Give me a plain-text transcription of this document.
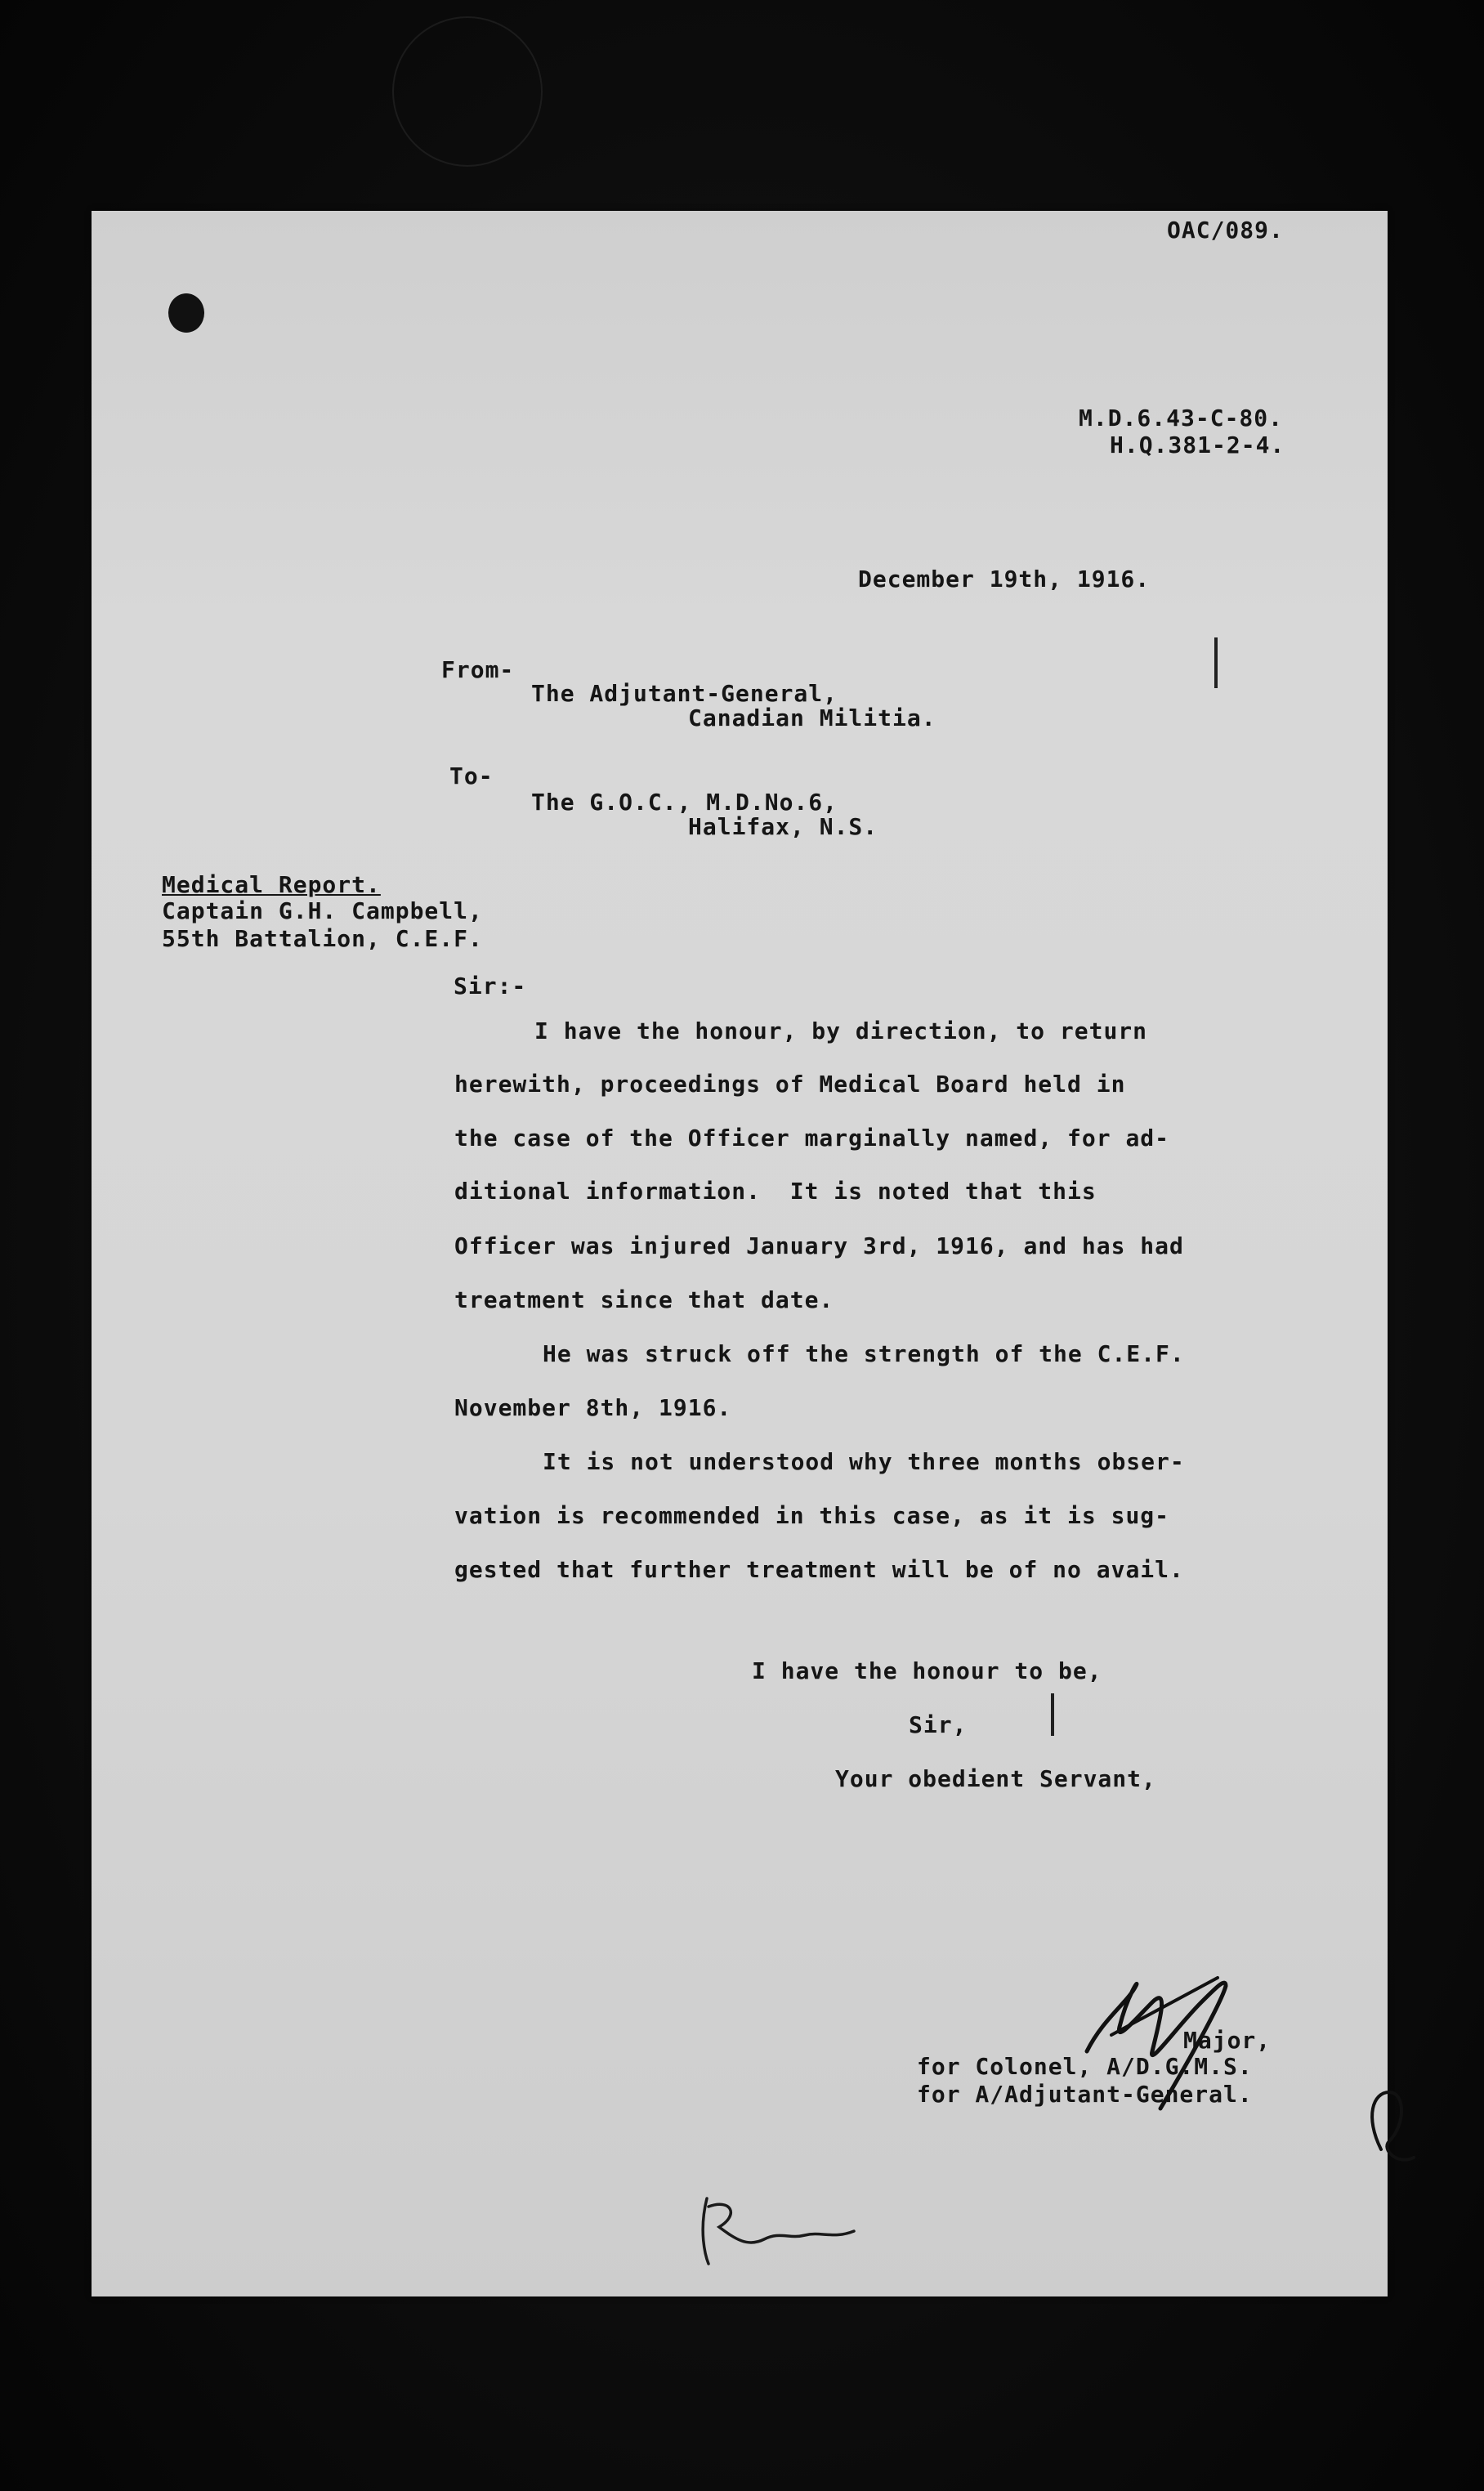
OAC/089.
M.D.6.43-C-80.
H.Q.381-2-4.
December 19th, 1916.
From-
The Adjutant-General,
Canadian Militia.
To-
The G.O.C., M.D.No.6,
Halifax, N.S.
Medical Report.
Captain G.H. Campbell,
55th Battalion, C.E.F.
Sir:-
I have the honour, by direction, to return
herewith, proceedings of Medical Board held in
the case of the Officer marginally named, for ad-
ditional information.  It is noted that this
Officer was injured January 3rd, 1916, and has had
treatment since that date.
He was struck off the strength of the C.E.F.
November 8th, 1916.
It is not understood why three months obser-
vation is recommended in this case, as it is sug-
gested that further treatment will be of no avail.
I have the honour to be,
Sir,
Your obedient Servant,
Major,
for Colonel, A/D.G.M.S.
for A/Adjutant-General.
